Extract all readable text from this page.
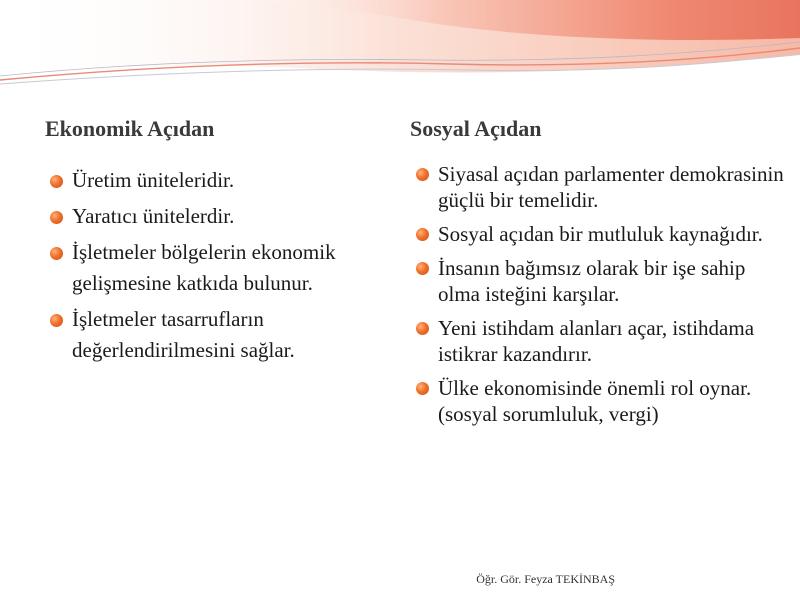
Ekonomik Açıdan	Sosyal Açıdan
Üretim üniteleridir.
Yaratıcı ünitelerdir.
İşletmeler bölgelerin ekonomik gelişmesine katkıda bulunur.
İşletmeler tasarrufların değerlendirilmesini sağlar.
Siyasal açıdan parlamenter demokrasinin güçlü bir temelidir.
Sosyal açıdan bir mutluluk kaynağıdır.
İnsanın bağımsız olarak bir işe sahip olma isteğini karşılar.
Yeni istihdam alanları açar, istihdama istikrar kazandırır.
Ülke ekonomisinde önemli rol oynar. (sosyal sorumluluk, vergi)
Öğr. Gör. Feyza TEKİNBAŞ
